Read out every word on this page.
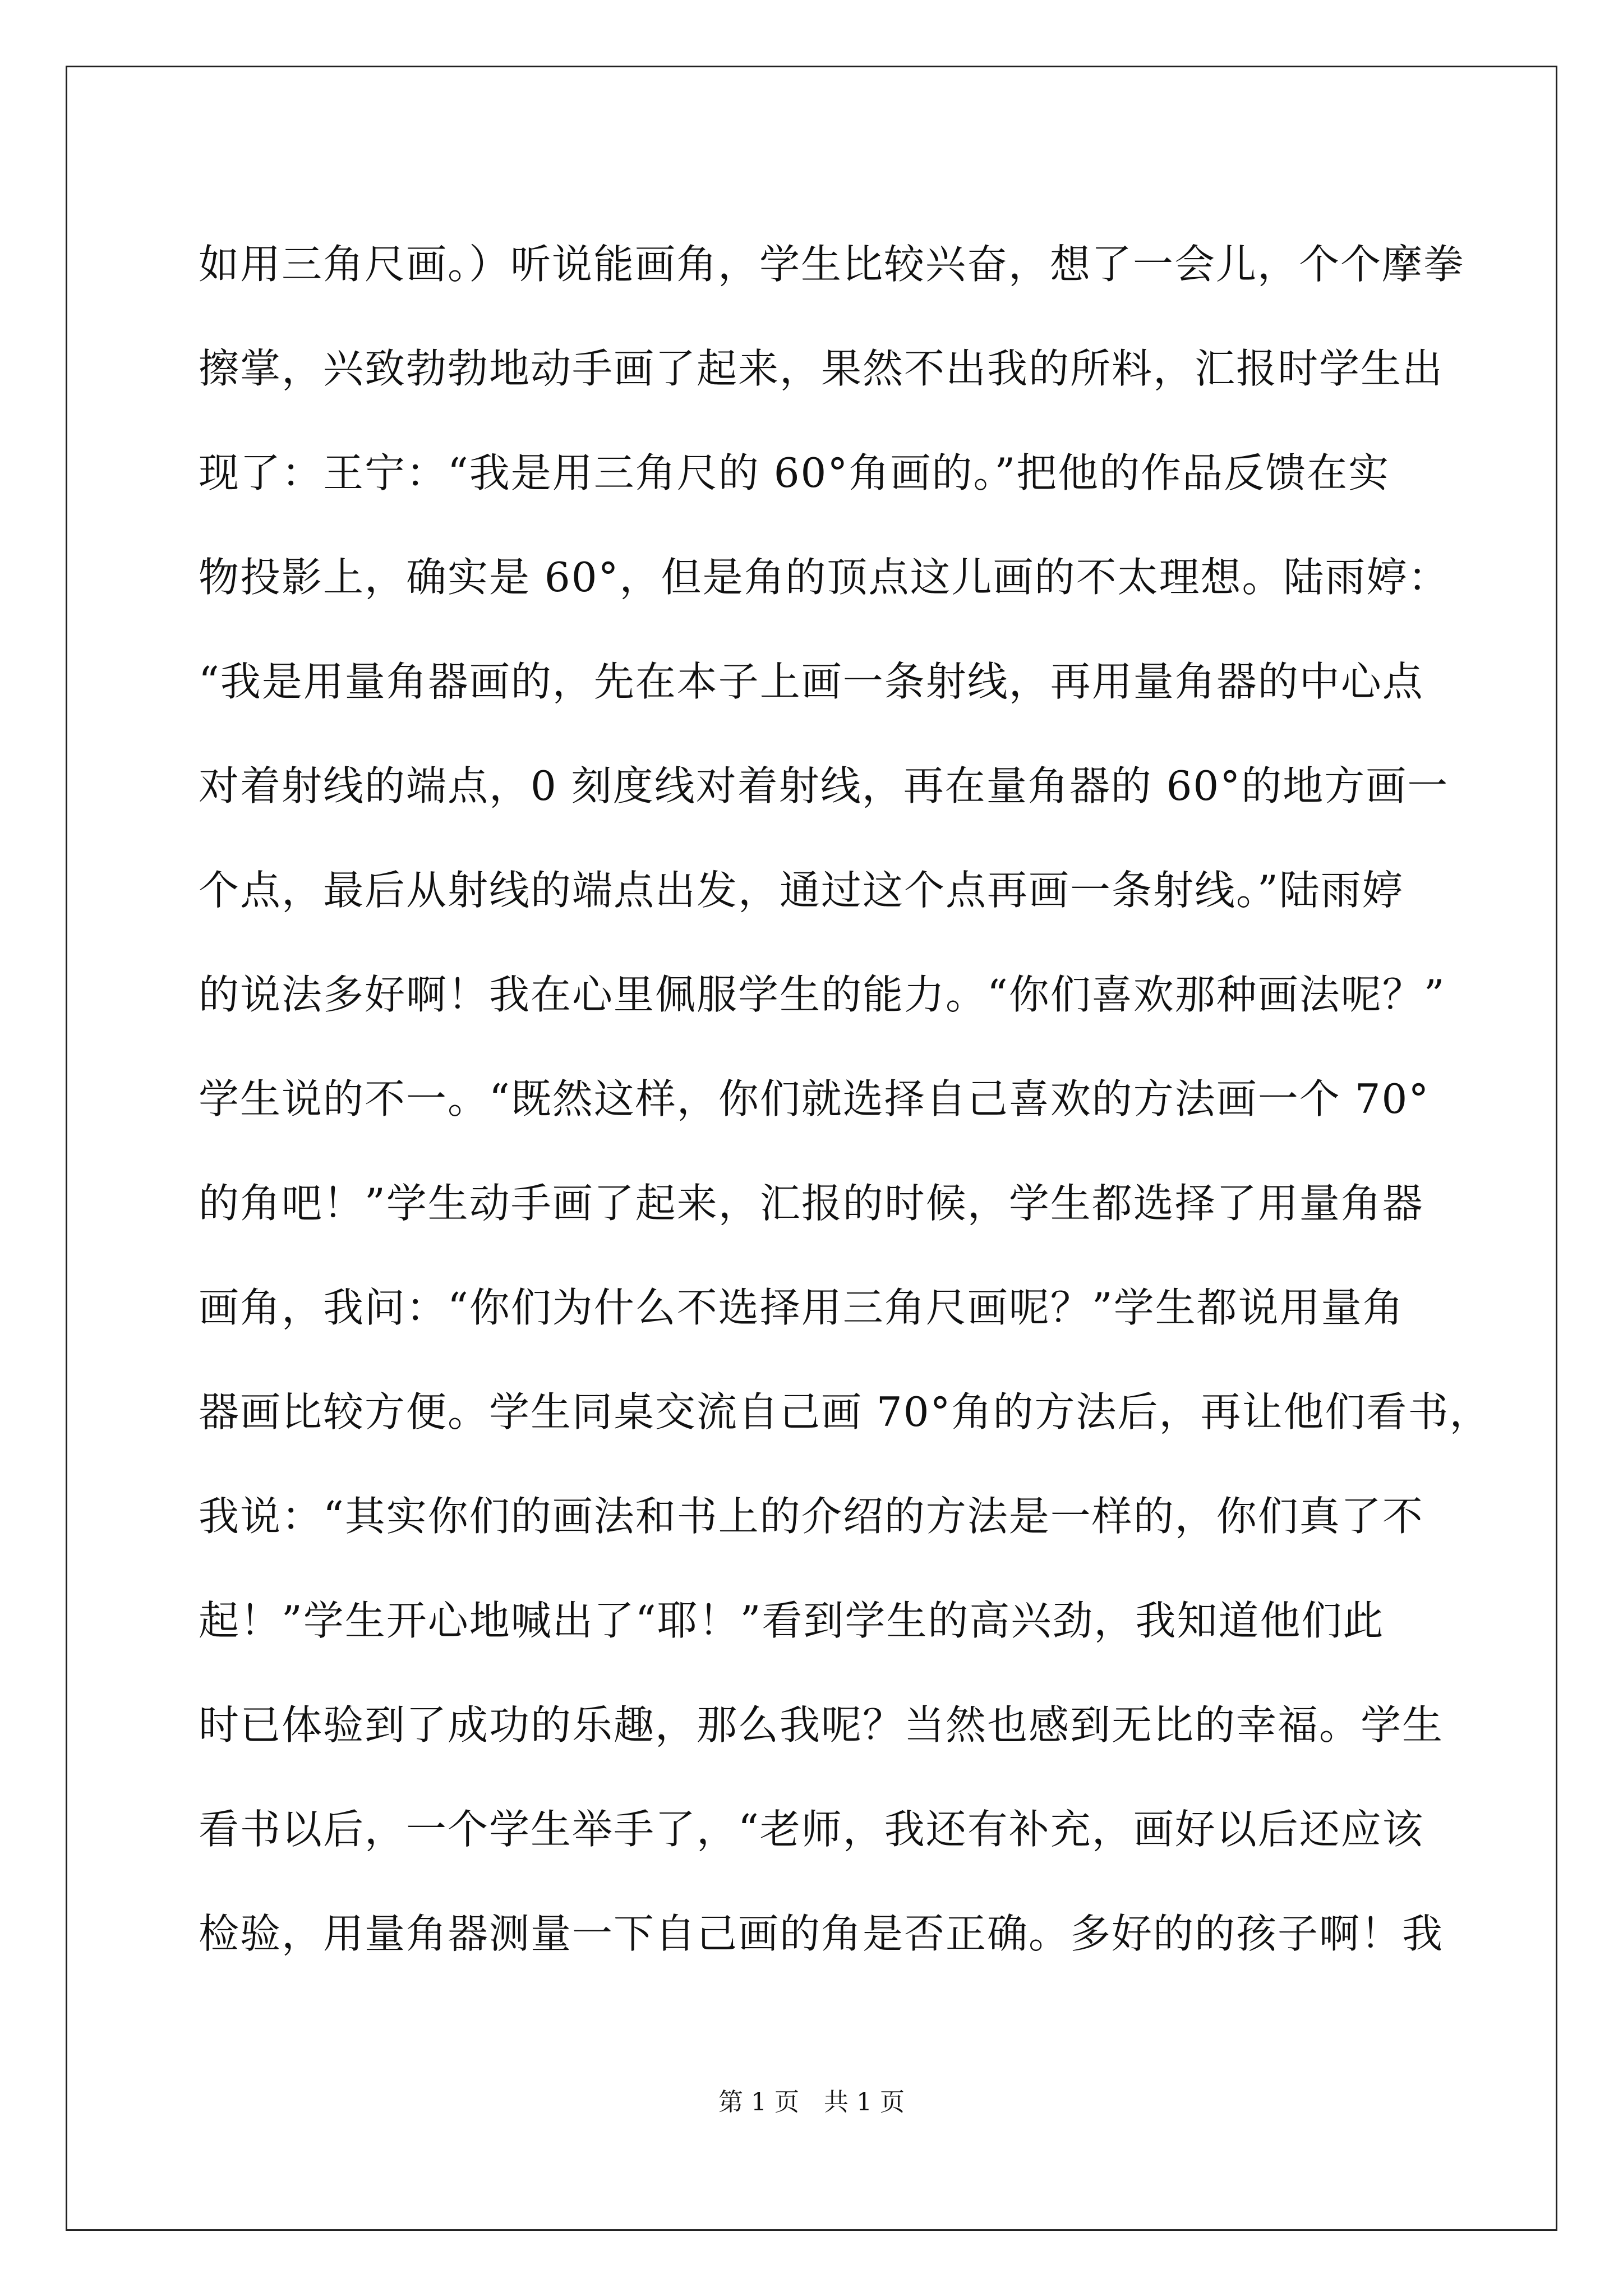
如用三角尺画。）听说能画角，学生比较兴奋，想了一会儿，个个摩拳
擦掌，兴致勃勃地动手画了起来，果然不出我的所料，汇报时学生出
现了：王宁：“我是用三角尺的 60°角画的。”把他的作品反馈在实
物投影上，确实是 60°，但是角的顶点这儿画的不太理想。陆雨婷：
“我是用量角器画的，先在本子上画一条射线，再用量角器的中心点
对着射线的端点，0 刻度线对着射线，再在量角器的 60°的地方画一
个点，最后从射线的端点出发，通过这个点再画一条射线。”陆雨婷
的说法多好啊！我在心里佩服学生的能力。“你们喜欢那种画法呢？”
学生说的不一。“既然这样，你们就选择自己喜欢的方法画一个 70°
的角吧！”学生动手画了起来，汇报的时候，学生都选择了用量角器
画角，我问：“你们为什么不选择用三角尺画呢？”学生都说用量角
器画比较方便。学生同桌交流自己画 70°角的方法后，再让他们看书，
我说：“其实你们的画法和书上的介绍的方法是一样的，你们真了不
起！”学生开心地喊出了“耶！”看到学生的高兴劲，我知道他们此
时已体验到了成功的乐趣，那么我呢？当然也感到无比的幸福。学生
看书以后，一个学生举手了，“老师，我还有补充，画好以后还应该
检验，用量角器测量一下自己画的角是否正确。多好的的孩子啊！我
第 1 页　共 1 页
